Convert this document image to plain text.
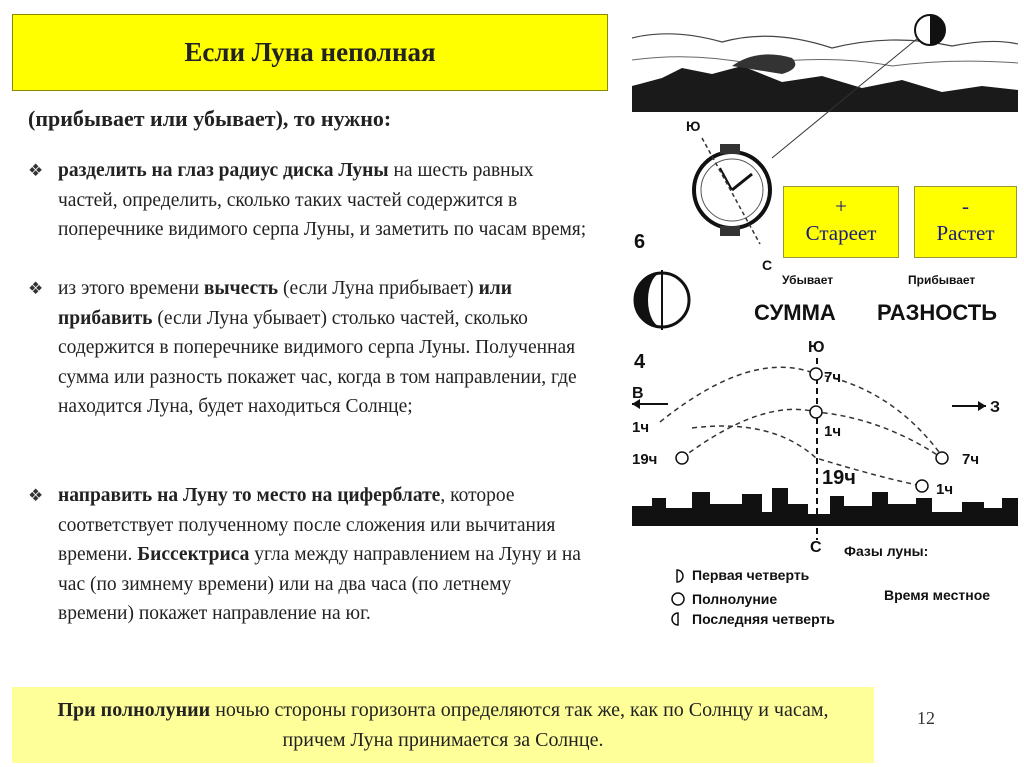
Если Луна неполная
(прибывает или убывает), то нужно:
❖ разделить на глаз радиус диска Луны на шесть равных частей, определить, сколько таких частей содержится в поперечнике видимого серпа Луны, и заметить по часам время;
❖ из этого времени вычесть (если Луна прибывает) или прибавить (если Луна убывает) столько частей, сколько содержится в поперечнике видимого серпа Луны. Полученная сумма или разность покажет час, когда в том направлении, где находится Луна, будет находиться Солнце;
❖ направить на Луну то место на циферблате, которое соответствует полученному после сложения или вычитания времени. Биссектриса угла между направлением на Луну и на час (по зимнему времени) или на два часа (по летнему времени) покажет направление на юг.
Ю
С
6
4
Убывает	Прибывает
СУММА РАЗНОСТЬ
Ю
В
З
7ч
1ч
1ч
19ч
19ч
7ч
1ч
С Фазы луны:
Первая четверть
Полнолуние
Последняя четверть
Время местное
+
Стареет
-
Растет
При полнолунии ночью стороны горизонта определяются так же, как по Солнцу и часам, причем Луна принимается за Солнце.
12
